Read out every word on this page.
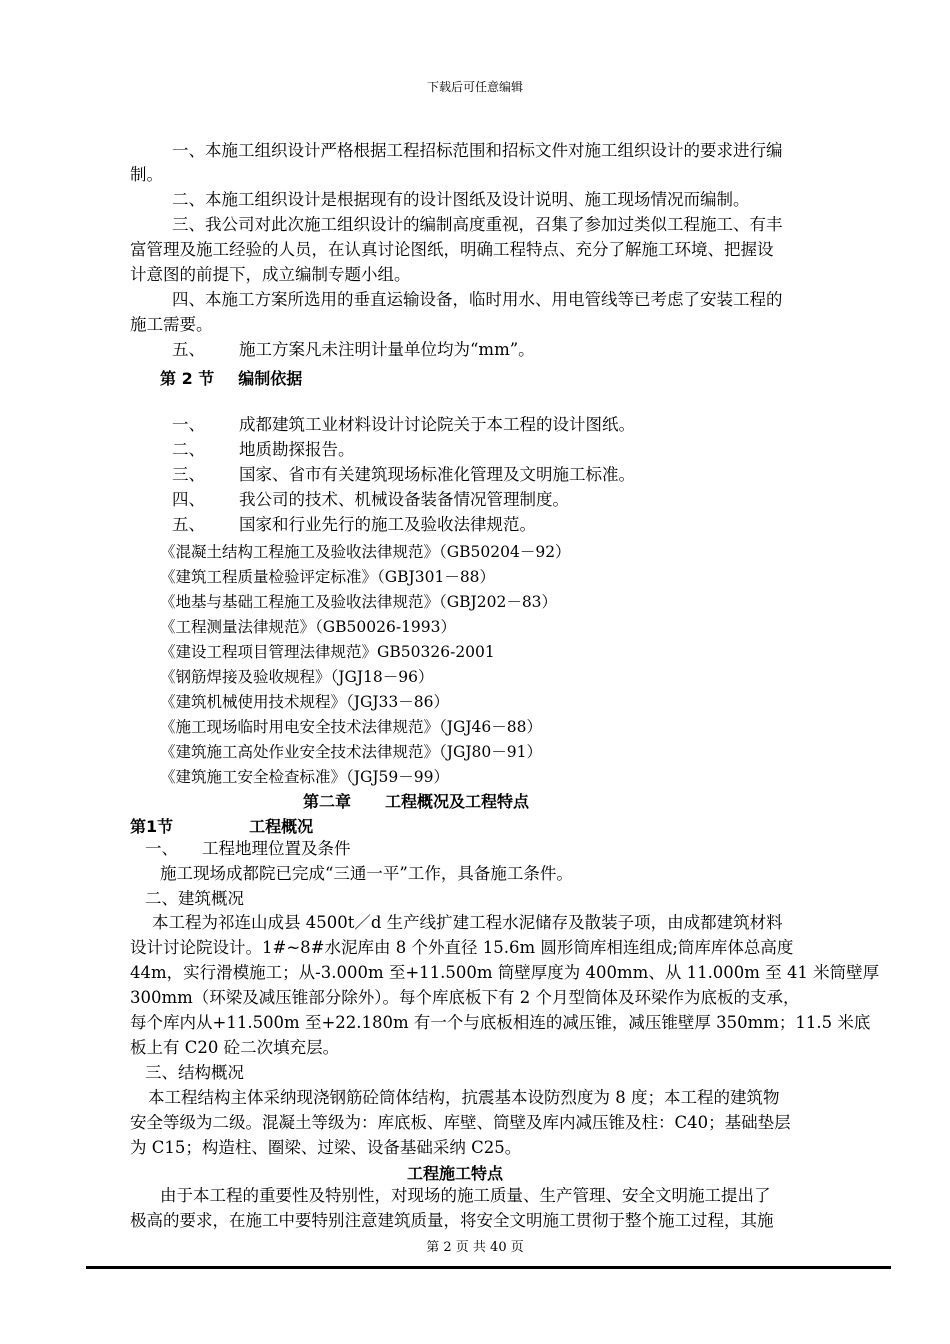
下载后可任意编辑
一、本施工组织设计严格根据工程招标范围和招标文件对施工组织设计的要求进行编
制。
二、本施工组织设计是根据现有的设计图纸及设计说明、施工现场情况而编制。
三、我公司对此次施工组织设计的编制高度重视，召集了参加过类似工程施工、有丰
富管理及施工经验的人员，在认真讨论图纸，明确工程特点、充分了解施工环境、把握设
计意图的前提下，成立编制专题小组。
四、本施工方案所选用的垂直运输设备，临时用水、用电管线等已考虑了安装工程的
施工需要。
五、 施工方案凡未注明计量单位均为“mm”。
第 2 节 编制依据
一、 成都建筑工业材料设计讨论院关于本工程的设计图纸。
二、 地质勘探报告。
三、 国家、省市有关建筑现场标准化管理及文明施工标准。
四、 我公司的技术、机械设备装备情况管理制度。
五、 国家和行业先行的施工及验收法律规范。
《混凝土结构工程施工及验收法律规范》（GB50204－92）
《建筑工程质量检验评定标准》（GBJ301－88）
《地基与基础工程施工及验收法律规范》（GBJ202－83）
《工程测量法律规范》（GB50026-1993）
《建设工程项目管理法律规范》GB50326-2001
《钢筋焊接及验收规程》（JGJ18－96）
《建筑机械使用技术规程》（JGJ33－86）
《施工现场临时用电安全技术法律规范》（JGJ46－88）
《建筑施工高处作业安全技术法律规范》（JGJ80－91）
《建筑施工安全检查标准》（JGJ59－99）
第二章 工程概况及工程特点
第1节	工程概况
一、 工程地理位置及条件
施工现场成都院已完成“三通一平”工作，具备施工条件。
二、建筑概况
本工程为祁连山成县 4500t／d 生产线扩建工程水泥储存及散装子项，由成都建筑材料
设计讨论院设计。1#~8#水泥库由 8 个外直径 15.6m 圆形筒库相连组成;筒库库体总高度
44m，实行滑模施工；从-3.000m 至+11.500m 筒壁厚度为 400mm、从 11.000m 至 41 米筒壁厚
300mm（环梁及减压锥部分除外）。每个库底板下有 2 个月型筒体及环梁作为底板的支承，
每个库内从+11.500m 至+22.180m 有一个与底板相连的减压锥，减压锥壁厚 350mm；11.5 米底
板上有 C20 砼二次填充层。
三、结构概况
本工程结构主体采纳现浇钢筋砼筒体结构，抗震基本设防烈度为 8 度；本工程的建筑物
安全等级为二级。混凝土等级为：库底板、库壁、筒壁及库内减压锥及柱：C40；基础垫层
为 C15；构造柱、圈梁、过梁、设备基础采纳 C25。
工程施工特点
由于本工程的重要性及特别性，对现场的施工质量、生产管理、安全文明施工提出了
极高的要求，在施工中要特别注意建筑质量，将安全文明施工贯彻于整个施工过程，其施
第 2 页 共 40 页
